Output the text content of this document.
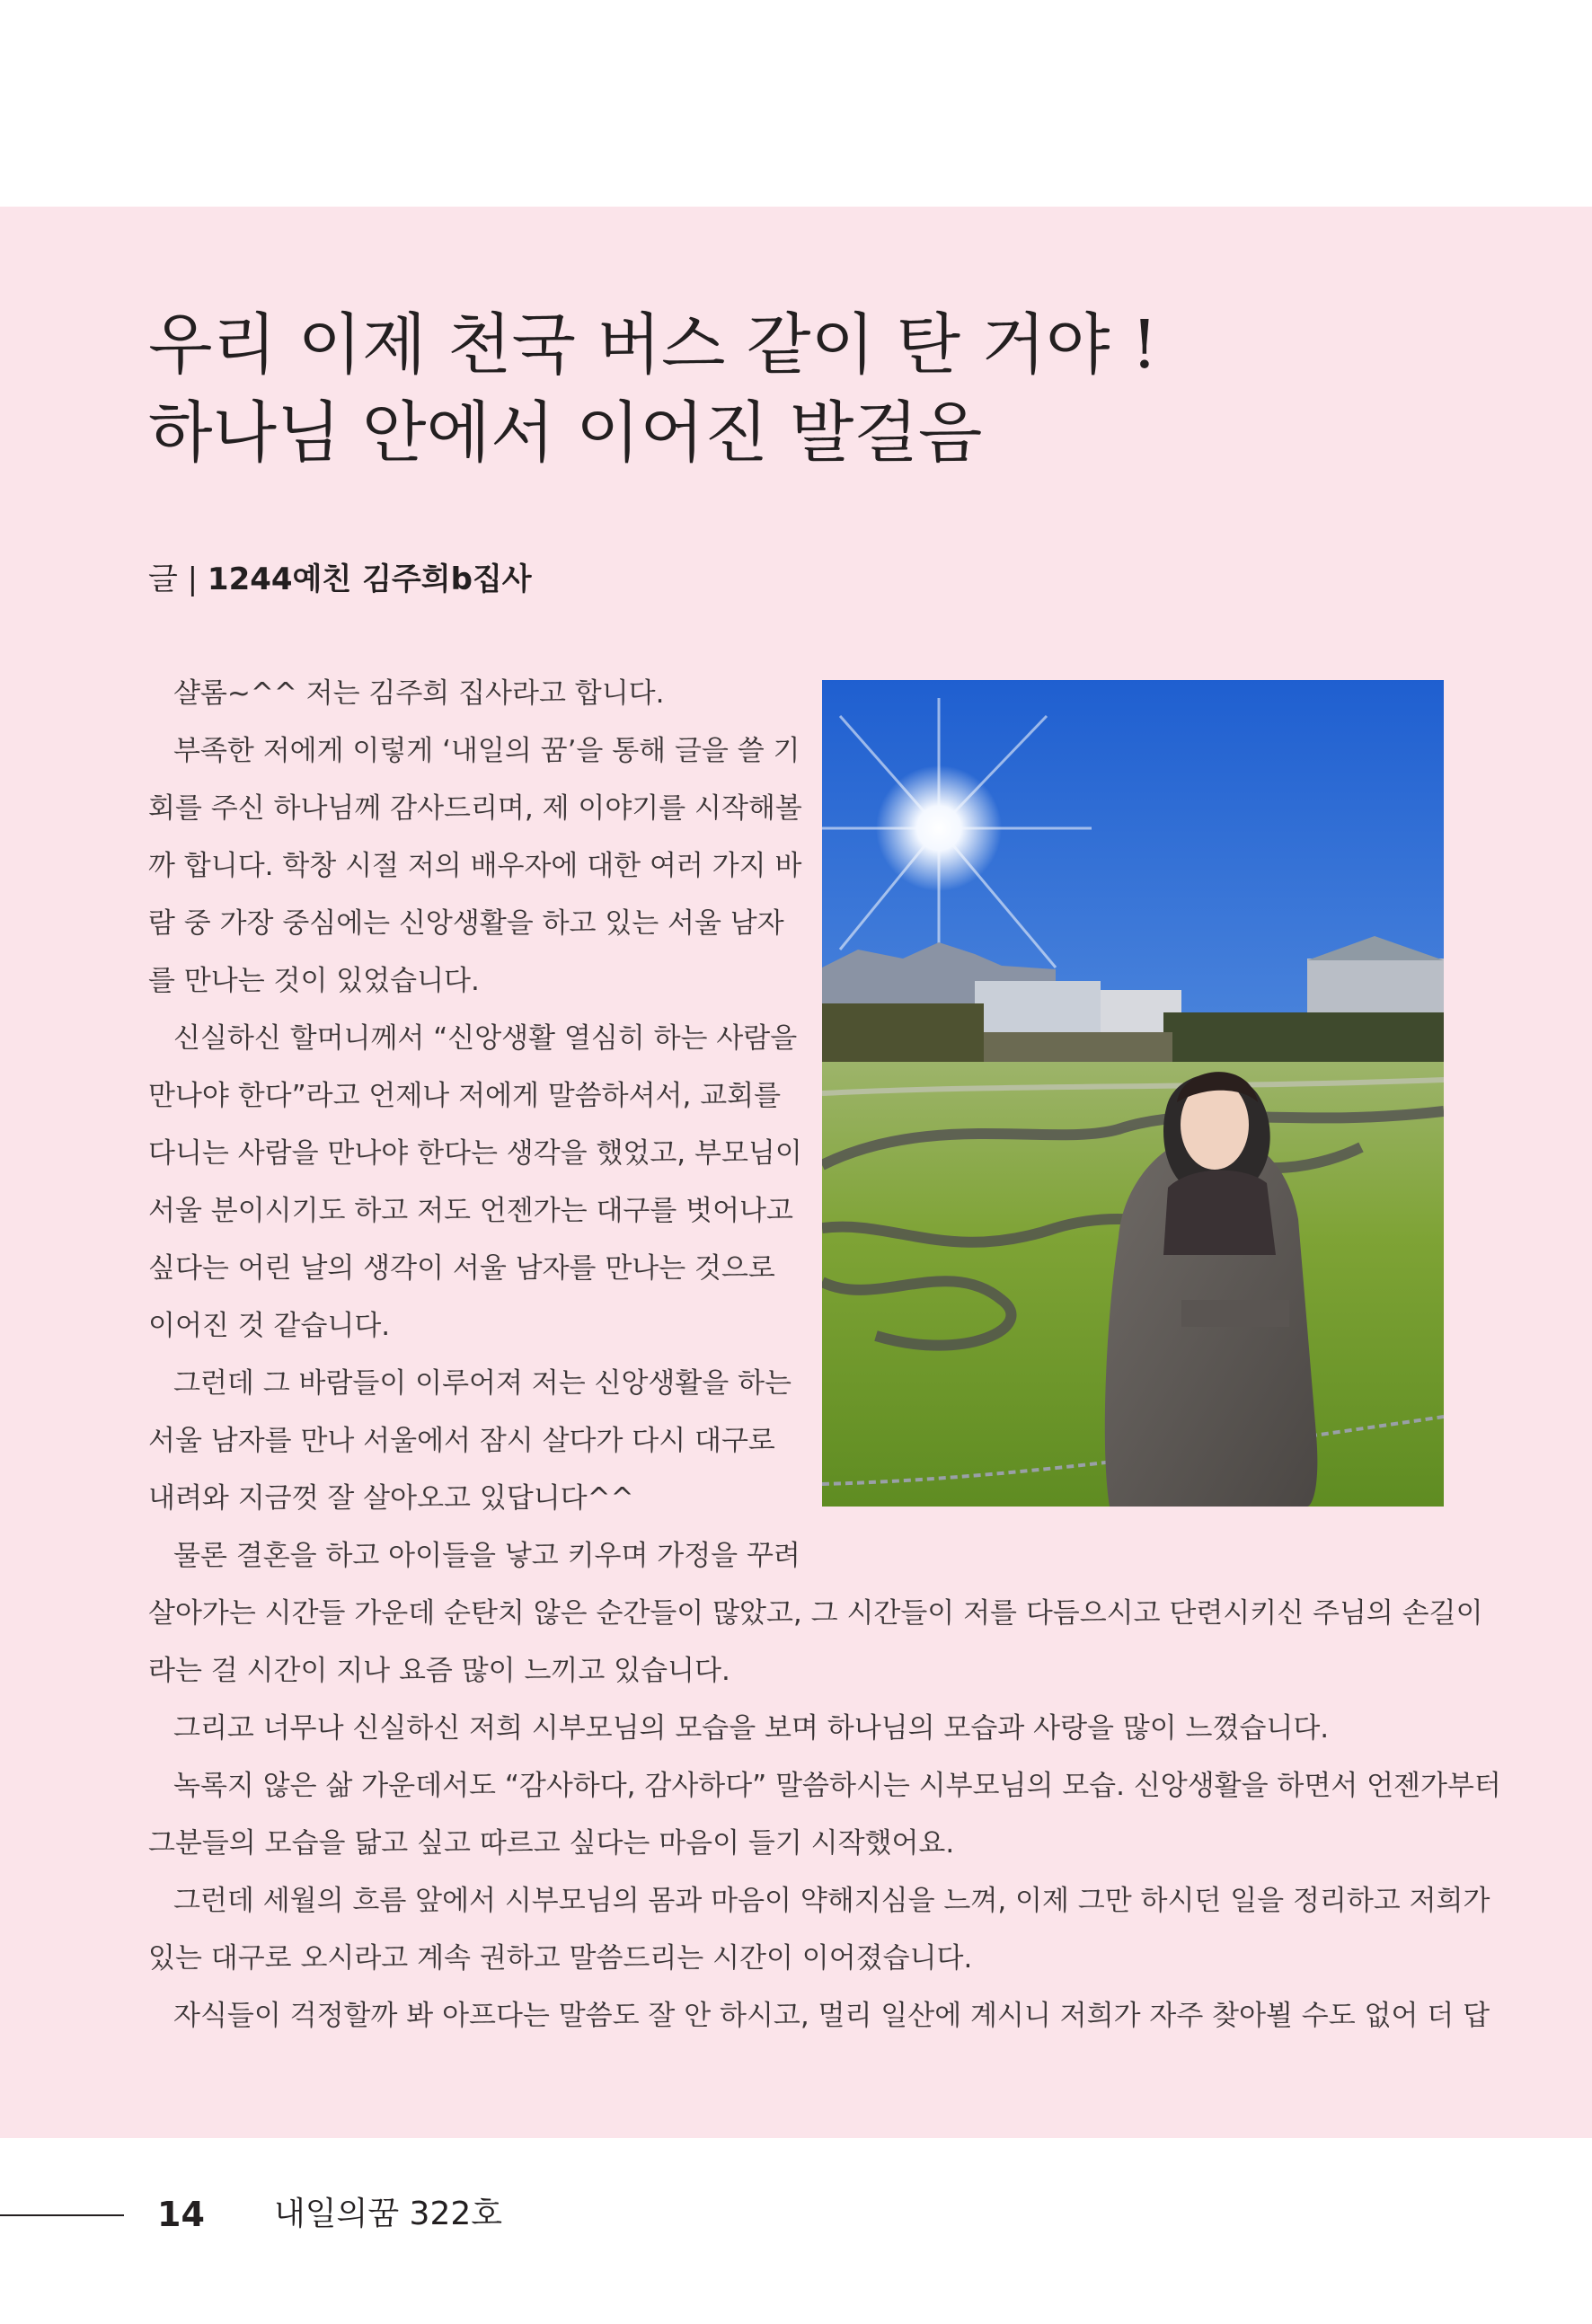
우리 이제 천국 버스 같이 탄 거야 !
하나님 안에서 이어진 발걸음
글 | 1244예친 김주희b집사

샬롬~^^ 저는 김주희 집사라고 합니다.

부족한 저에게 이렇게 ‘내일의 꿈’을 통해 글을 쓸 기

회를 주신 하나님께 감사드리며, 제 이야기를 시작해볼

까 합니다. 학창 시절 저의 배우자에 대한 여러 가지 바

람 중 가장 중심에는 신앙생활을 하고 있는 서울 남자

를 만나는 것이 있었습니다.

신실하신 할머니께서 “신앙생활 열심히 하는 사람을

만나야 한다”라고 언제나 저에게 말씀하셔서, 교회를

다니는 사람을 만나야 한다는 생각을 했었고, 부모님이

서울 분이시기도 하고 저도 언젠가는 대구를 벗어나고

싶다는 어린 날의 생각이 서울 남자를 만나는 것으로

이어진 것 같습니다.

그런데 그 바람들이 이루어져 저는 신앙생활을 하는

서울 남자를 만나 서울에서 잠시 살다가 다시 대구로

내려와 지금껏 잘 살아오고 있답니다^^

물론 결혼을 하고 아이들을 낳고 키우며 가정을 꾸려

살아가는 시간들 가운데 순탄치 않은 순간들이 많았고, 그 시간들이 저를 다듬으시고 단련시키신 주님의 손길이

라는 걸 시간이 지나 요즘 많이 느끼고 있습니다.

그리고 너무나 신실하신 저희 시부모님의 모습을 보며 하나님의 모습과 사랑을 많이 느꼈습니다.

녹록지 않은 삶 가운데서도 “감사하다, 감사하다” 말씀하시는 시부모님의 모습. 신앙생활을 하면서 언젠가부터

그분들의 모습을 닮고 싶고 따르고 싶다는 마음이 들기 시작했어요.

그런데 세월의 흐름 앞에서 시부모님의 몸과 마음이 약해지심을 느껴, 이제 그만 하시던 일을 정리하고 저희가

있는 대구로 오시라고 계속 권하고 말씀드리는 시간이 이어졌습니다.

자식들이 걱정할까 봐 아프다는 말씀도 잘 안 하시고, 멀리 일산에 계시니 저희가 자주 찾아뵐 수도 없어 더 답

14 내일의꿈 322호
